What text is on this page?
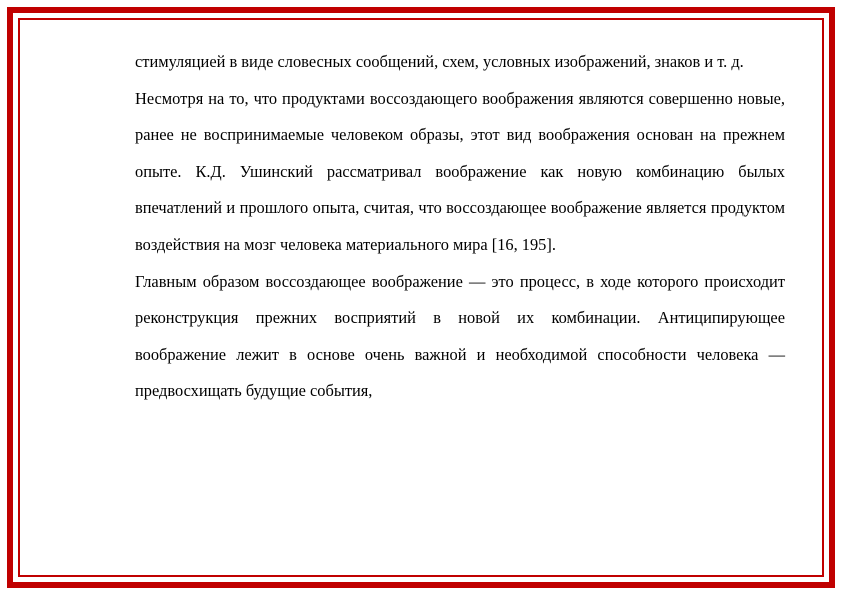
стимуляцией в виде словесных сообщений, схем, условных изображений, знаков и т. д.

Несмотря на то, что продуктами воссоздающего воображения являются совершенно новые, ранее не воспринимаемые человеком образы, этот вид воображения основан на прежнем опыте. К.Д. Ушинский рассматривал воображение как новую комбинацию былых впечатлений и прошлого опыта, считая, что воссоздающее воображение является продуктом воздействия на мозг человека материального мира [16, 195].

Главным образом воссоздающее воображение — это процесс, в ходе которого происходит реконструкция прежних восприятий в новой их комбинации. Антиципирующее воображение лежит в основе очень важной и необходимой способности человека — предвосхищать будущие события,
